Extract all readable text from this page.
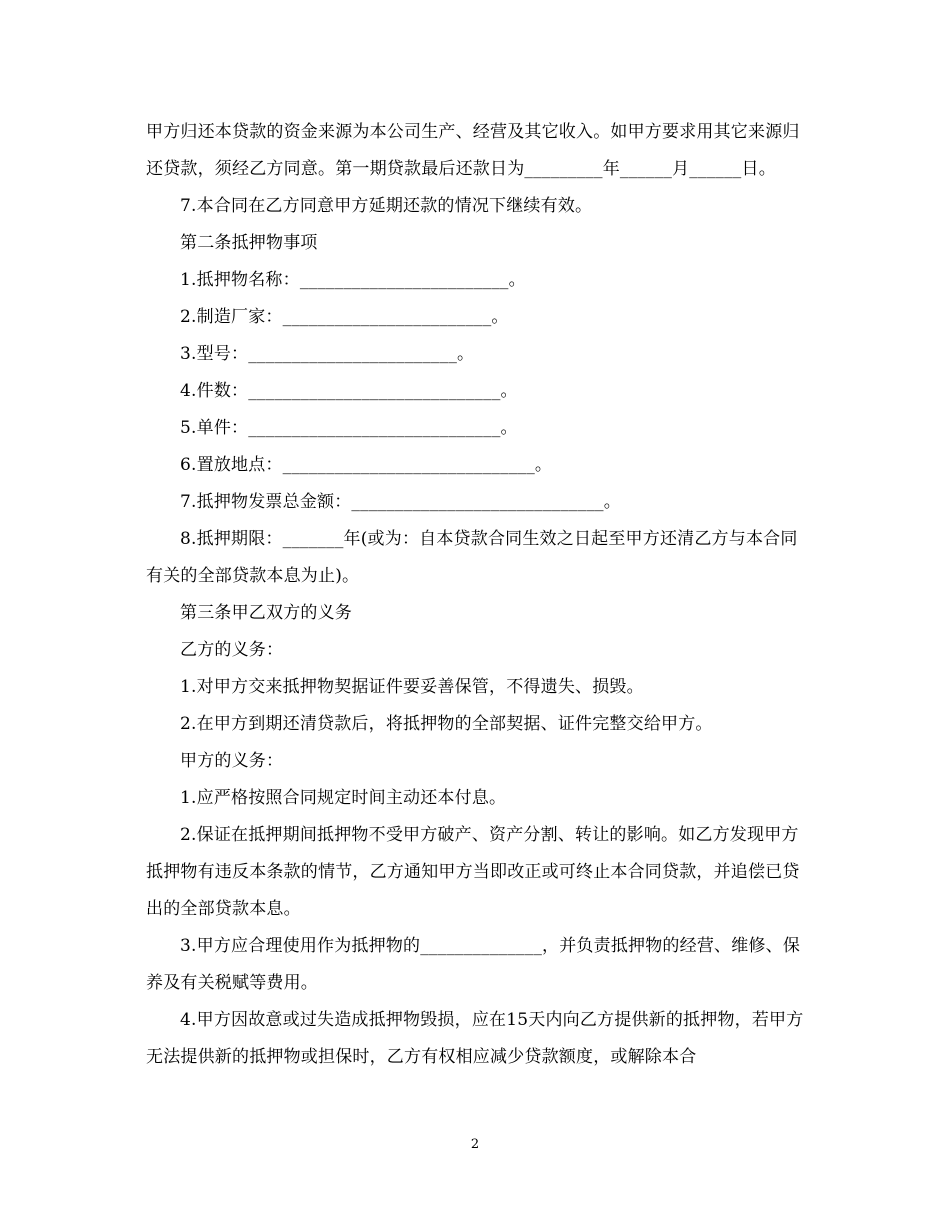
甲方归还本贷款的资金来源为本公司生产、经营及其它收入。如甲方要求用其它来源归还贷款，须经乙方同意。第一期贷款最后还款日为_________年______月______日。

7.本合同在乙方同意甲方延期还款的情况下继续有效。

第二条抵押物事项

1.抵押物名称：________________________。

2.制造厂家：________________________。

3.型号：________________________。

4.件数：_____________________________。

5.单件：_____________________________。

6.置放地点：_____________________________。

7.抵押物发票总金额：_____________________________。

8.抵押期限：_______年(或为：自本贷款合同生效之日起至甲方还清乙方与本合同有关的全部贷款本息为止)。

第三条甲乙双方的义务

乙方的义务：

1.对甲方交来抵押物契据证件要妥善保管，不得遗失、损毁。

2.在甲方到期还清贷款后，将抵押物的全部契据、证件完整交给甲方。

甲方的义务：

1.应严格按照合同规定时间主动还本付息。

2.保证在抵押期间抵押物不受甲方破产、资产分割、转让的影响。如乙方发现甲方抵押物有违反本条款的情节，乙方通知甲方当即改正或可终止本合同贷款，并追偿已贷出的全部贷款本息。

3.甲方应合理使用作为抵押物的______________，并负责抵押物的经营、维修、保养及有关税赋等费用。

4.甲方因故意或过失造成抵押物毁损，应在15天内向乙方提供新的抵押物，若甲方无法提供新的抵押物或担保时，乙方有权相应减少贷款额度，或解除本合

2
